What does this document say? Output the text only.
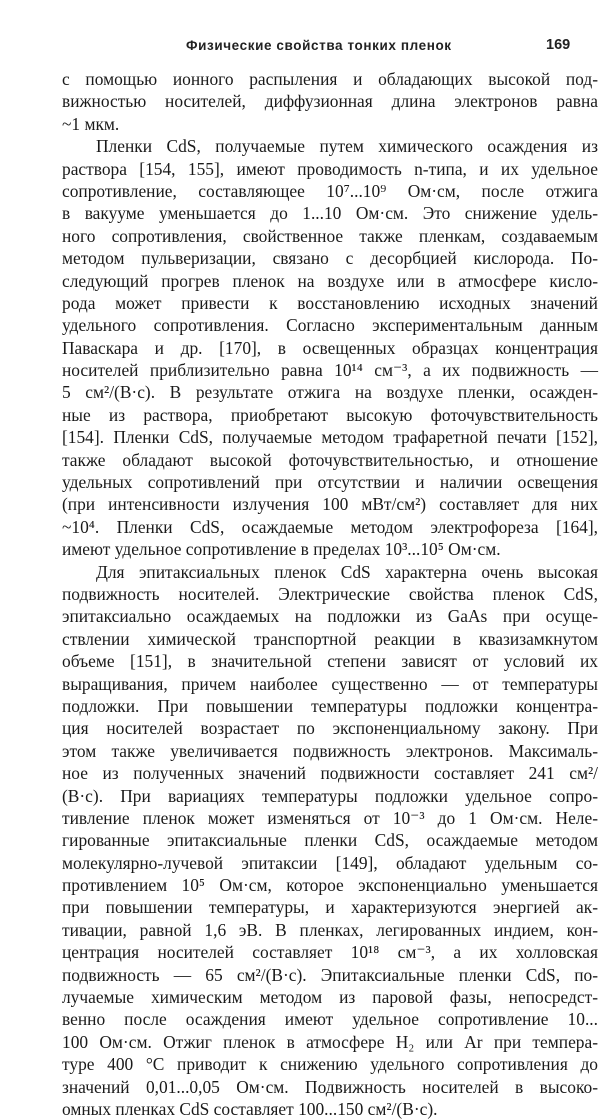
Физические свойства тонких пленок	169
с помощью ионного распыления и обладающих высокой под-
вижностью носителей, диффузионная длина электронов равна
~1 мкм.
Пленки CdS, получаемые путем химического осаждения из
раствора [154, 155], имеют проводимость n-типа, и их удельное
сопротивление, составляющее 10⁷...10⁹ Ом·см, после отжига
в вакууме уменьшается до 1...10 Ом·см. Это снижение удель-
ного сопротивления, свойственное также пленкам, создаваемым
методом пульверизации, связано с десорбцией кислорода. По-
следующий прогрев пленок на воздухе или в атмосфере кисло-
рода может привести к восстановлению исходных значений
удельного сопротивления. Согласно экспериментальным данным
Паваскара и др. [170], в освещенных образцах концентрация
носителей приблизительно равна 10¹⁴ см⁻³, а их подвижность —
5 см²/(В·с). В результате отжига на воздухе пленки, осажден-
ные из раствора, приобретают высокую фоточувствительность
[154]. Пленки CdS, получаемые методом трафаретной печати [152],
также обладают высокой фоточувствительностью, и отношение
удельных сопротивлений при отсутствии и наличии освещения
(при интенсивности излучения 100 мВт/см²) составляет для них
~10⁴. Пленки CdS, осаждаемые методом электрофореза [164],
имеют удельное сопротивление в пределах 10³...10⁵ Ом·см.
Для эпитаксиальных пленок CdS характерна очень высокая
подвижность носителей. Электрические свойства пленок CdS,
эпитаксиально осаждаемых на подложки из GaAs при осуще-
ствлении химической транспортной реакции в квазизамкнутом
объеме [151], в значительной степени зависят от условий их
выращивания, причем наиболее существенно — от температуры
подложки. При повышении температуры подложки концентра-
ция носителей возрастает по экспоненциальному закону. При
этом также увеличивается подвижность электронов. Максималь-
ное из полученных значений подвижности составляет 241 см²/
(В·с). При вариациях температуры подложки удельное сопро-
тивление пленок может изменяться от 10⁻³ до 1 Ом·см. Неле-
гированные эпитаксиальные пленки CdS, осаждаемые методом
молекулярно-лучевой эпитаксии [149], обладают удельным со-
противлением 10⁵ Ом·см, которое экспоненциально уменьшается
при повышении температуры, и характеризуются энергией ак-
тивации, равной 1,6 эВ. В пленках, легированных индием, кон-
центрация носителей составляет 10¹⁸ см⁻³, а их холловская
подвижность — 65 см²/(В·с). Эпитаксиальные пленки CdS, по-
лучаемые химическим методом из паровой фазы, непосредст-
венно после осаждения имеют удельное сопротивление 10...
100 Ом·см. Отжиг пленок в атмосфере H₂ или Ar при темпера-
туре 400 °C приводит к снижению удельного сопротивления до
значений 0,01...0,05 Ом·см. Подвижность носителей в высоко-
омных пленках CdS составляет 100...150 см²/(В·с).
